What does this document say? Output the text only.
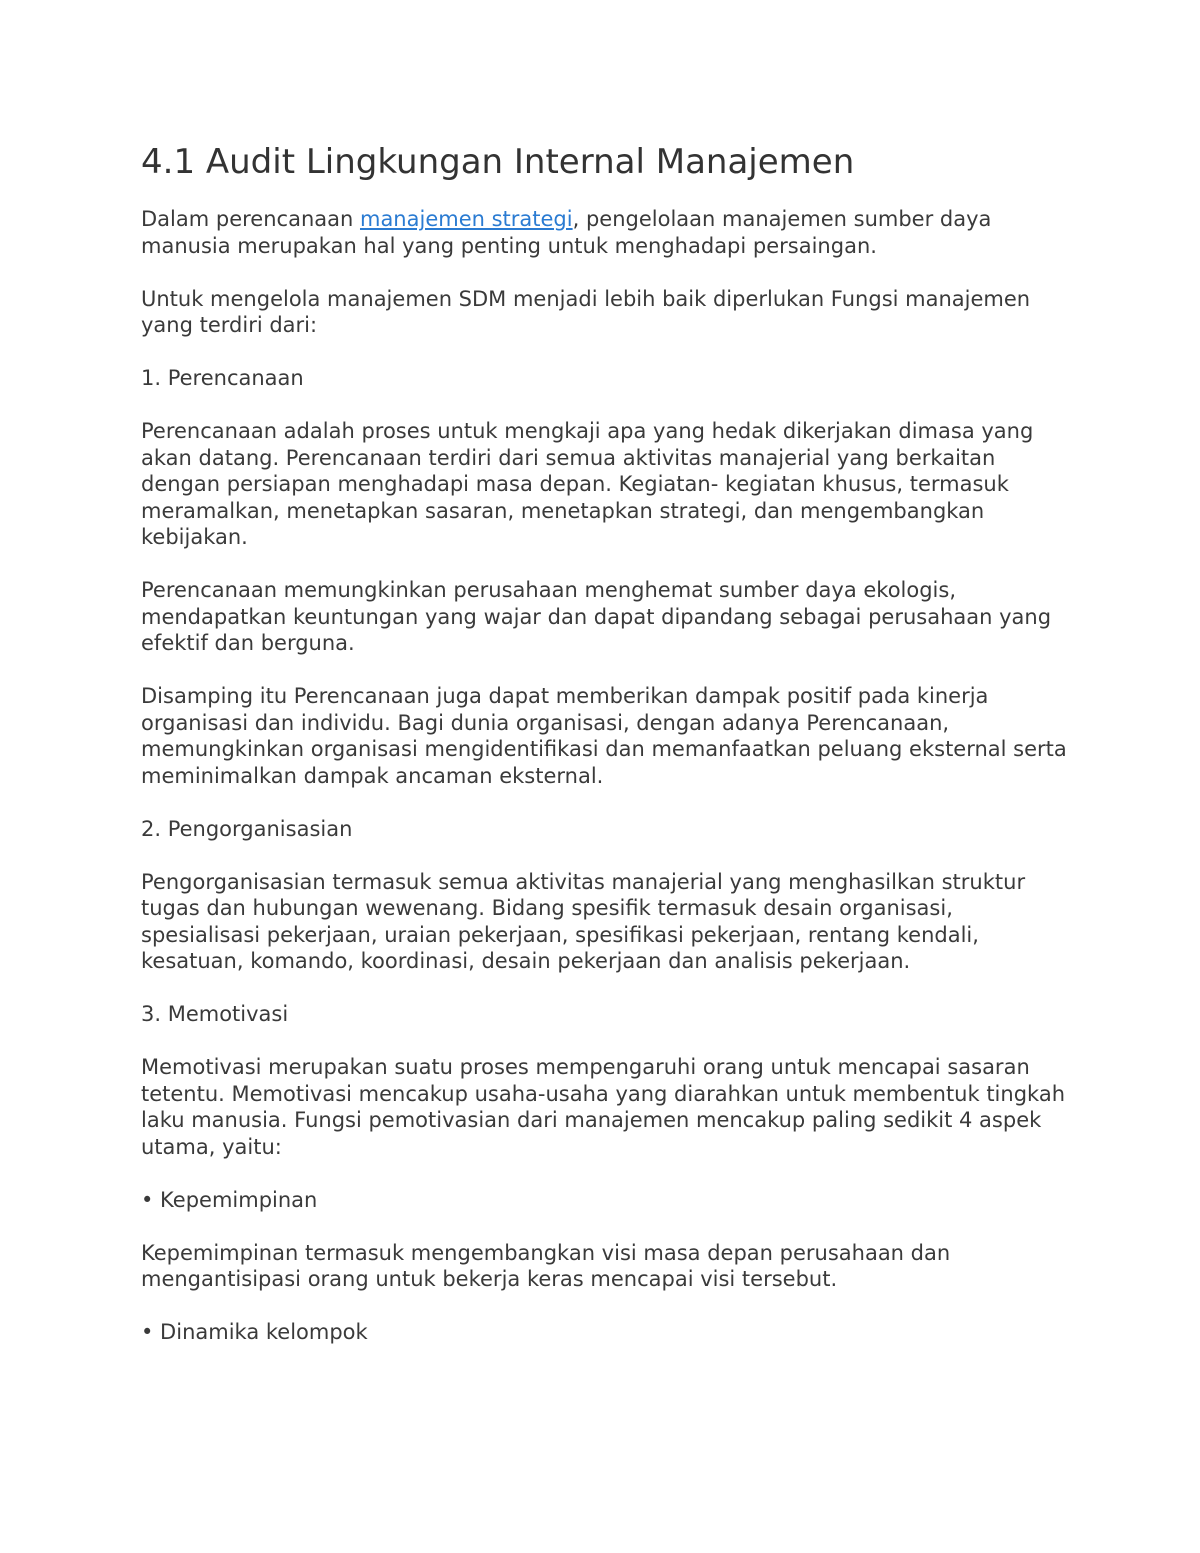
4.1 Audit Lingkungan Internal Manajemen

Dalam perencanaan manajemen strategi, pengelolaan manajemen sumber daya manusia merupakan hal yang penting untuk menghadapi persaingan.

Untuk mengelola manajemen SDM menjadi lebih baik diperlukan Fungsi manajemen yang terdiri dari:

1. Perencanaan

Perencanaan adalah proses untuk mengkaji apa yang hedak dikerjakan dimasa yang akan datang. Perencanaan terdiri dari semua aktivitas manajerial yang berkaitan dengan persiapan menghadapi masa depan. Kegiatan- kegiatan khusus, termasuk meramalkan, menetapkan sasaran, menetapkan strategi, dan mengembangkan kebijakan.

Perencanaan memungkinkan perusahaan menghemat sumber daya ekologis, mendapatkan keuntungan yang wajar dan dapat dipandang sebagai perusahaan yang efektif dan berguna.

Disamping itu Perencanaan juga dapat memberikan dampak positif pada kinerja organisasi dan individu. Bagi dunia organisasi, dengan adanya Perencanaan, memungkinkan organisasi mengidentifikasi dan memanfaatkan peluang eksternal serta meminimalkan dampak ancaman eksternal.

2. Pengorganisasian

Pengorganisasian termasuk semua aktivitas manajerial yang menghasilkan struktur tugas dan hubungan wewenang. Bidang spesifik termasuk desain organisasi, spesialisasi pekerjaan, uraian pekerjaan, spesifikasi pekerjaan, rentang kendali, kesatuan, komando, koordinasi, desain pekerjaan dan analisis pekerjaan.

3. Memotivasi

Memotivasi merupakan suatu proses mempengaruhi orang untuk mencapai sasaran tetentu. Memotivasi mencakup usaha-usaha yang diarahkan untuk membentuk tingkah laku manusia. Fungsi pemotivasian dari manajemen mencakup paling sedikit 4 aspek utama, yaitu:

• Kepemimpinan

Kepemimpinan termasuk mengembangkan visi masa depan perusahaan dan mengantisipasi orang untuk bekerja keras mencapai visi tersebut.

• Dinamika kelompok
